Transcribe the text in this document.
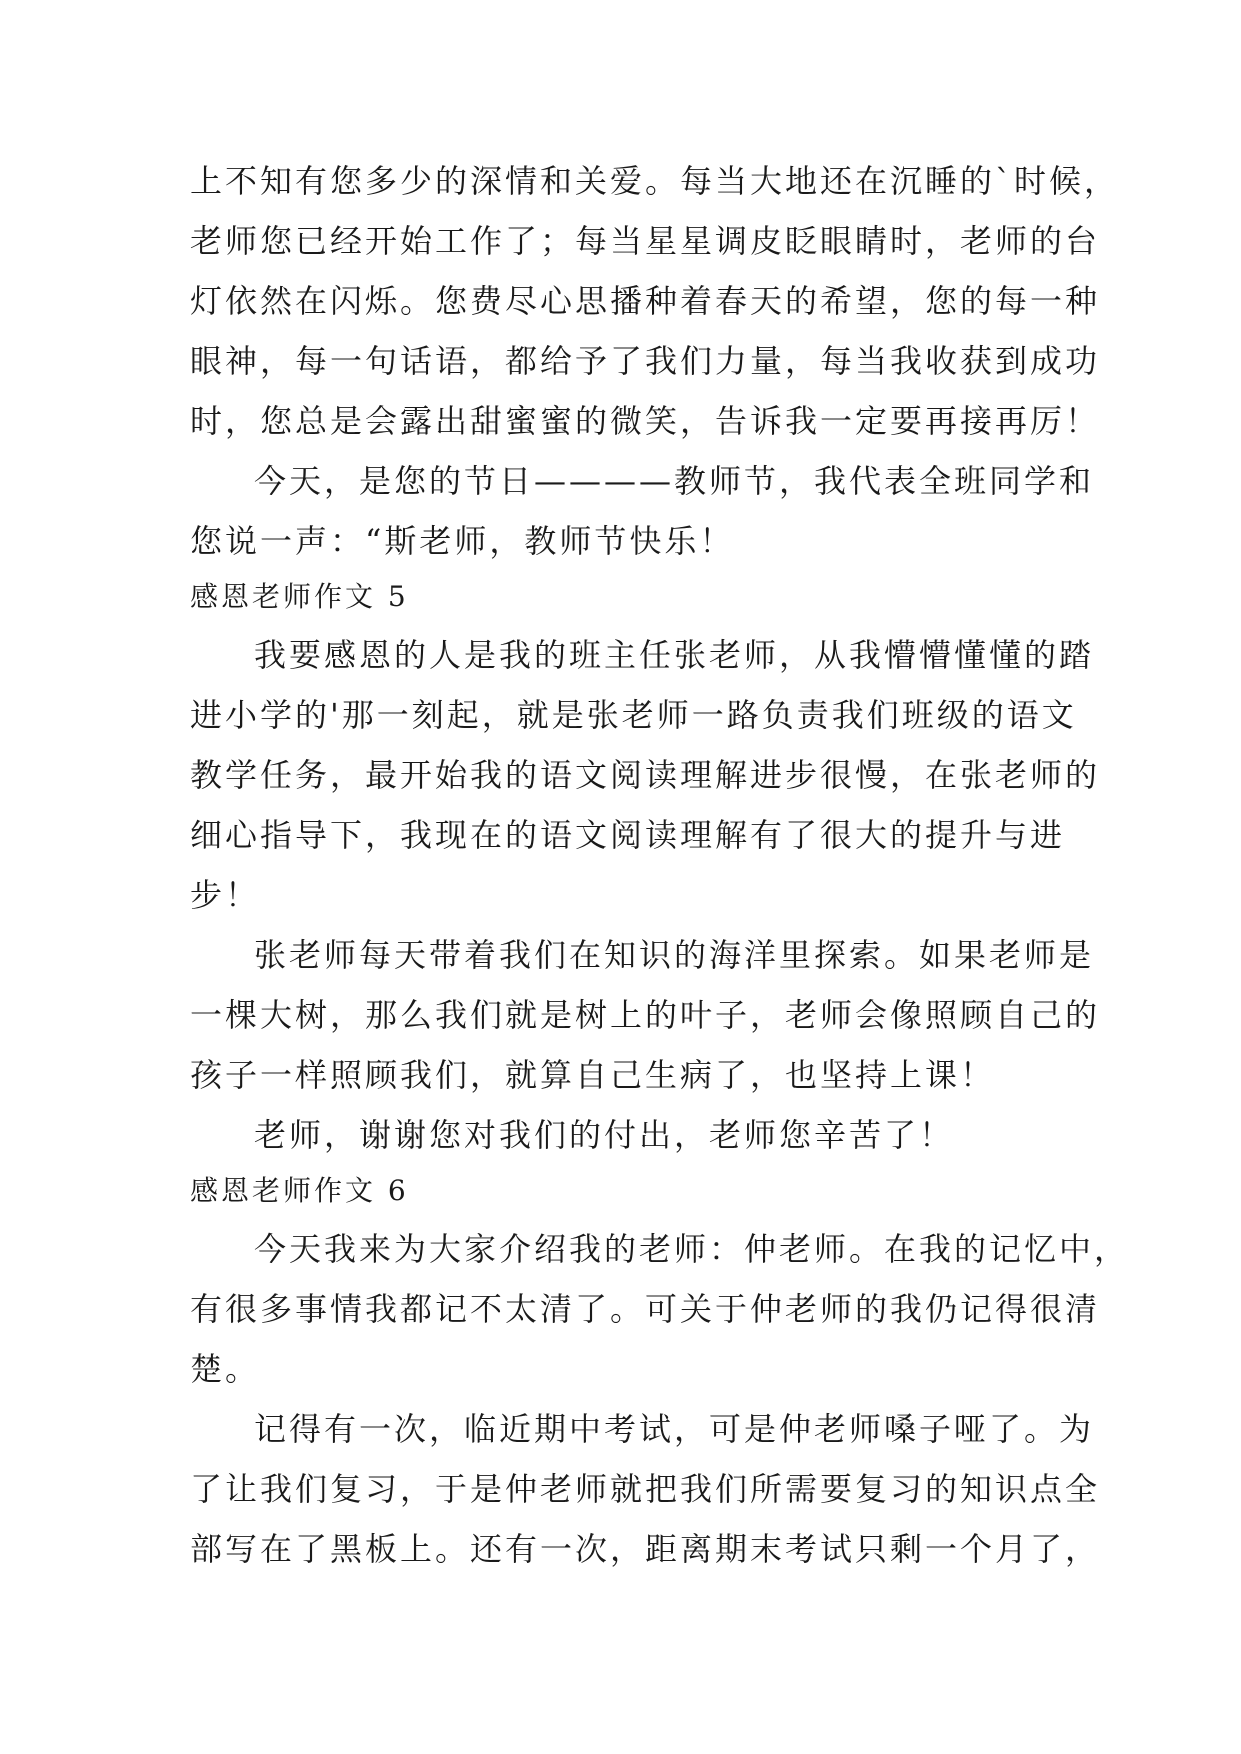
上不知有您多少的深情和关爱。每当大地还在沉睡的`时候，
老师您已经开始工作了；每当星星调皮眨眼睛时，老师的台
灯依然在闪烁。您费尽心思播种着春天的希望，您的每一种
眼神，每一句话语，都给予了我们力量，每当我收获到成功
时，您总是会露出甜蜜蜜的微笑，告诉我一定要再接再厉！
今天，是您的节日————教师节，我代表全班同学和
您说一声：“斯老师，教师节快乐！
感恩老师作文 5
我要感恩的人是我的班主任张老师，从我懵懵懂懂的踏
进小学的'那一刻起，就是张老师一路负责我们班级的语文
教学任务，最开始我的语文阅读理解进步很慢，在张老师的
细心指导下，我现在的语文阅读理解有了很大的提升与进
步！
张老师每天带着我们在知识的海洋里探索。如果老师是
一棵大树，那么我们就是树上的叶子，老师会像照顾自己的
孩子一样照顾我们，就算自己生病了，也坚持上课！
老师，谢谢您对我们的付出，老师您辛苦了！
感恩老师作文 6
今天我来为大家介绍我的老师：仲老师。在我的记忆中，
有很多事情我都记不太清了。可关于仲老师的我仍记得很清
楚。
记得有一次，临近期中考试，可是仲老师嗓子哑了。为
了让我们复习，于是仲老师就把我们所需要复习的知识点全
部写在了黑板上。还有一次，距离期末考试只剩一个月了，
